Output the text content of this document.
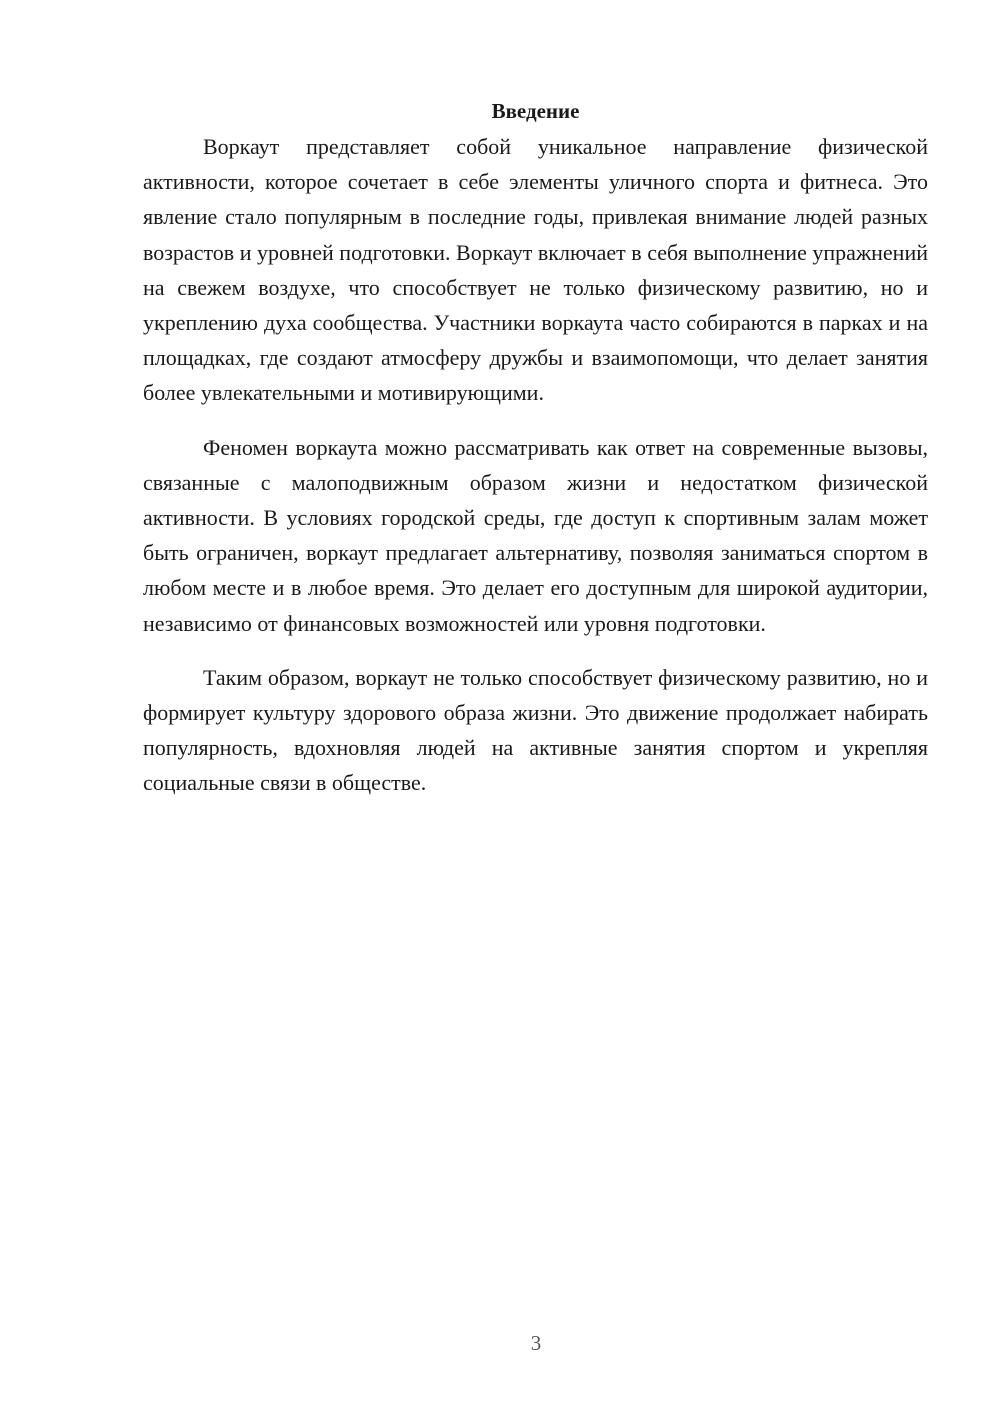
Введение

Воркаут представляет собой уникальное направление физической активности, которое сочетает в себе элементы уличного спорта и фитнеса. Это явление стало популярным в последние годы, привлекая внимание людей разных возрастов и уровней подготовки. Воркаут включает в себя выполнение упражнений на свежем воздухе, что способствует не только физическому развитию, но и укреплению духа сообщества. Участники воркаута часто собираются в парках и на площадках, где создают атмосферу дружбы и взаимопомощи, что делает занятия более увлекательными и мотивирующими.

Феномен воркаута можно рассматривать как ответ на современные вызовы, связанные с малоподвижным образом жизни и недостатком физической активности. В условиях городской среды, где доступ к спортивным залам может быть ограничен, воркаут предлагает альтернативу, позволяя заниматься спортом в любом месте и в любое время. Это делает его доступным для широкой аудитории, независимо от финансовых возможностей или уровня подготовки.

Таким образом, воркаут не только способствует физическому развитию, но и формирует культуру здорового образа жизни. Это движение продолжает набирать популярность, вдохновляя людей на активные занятия спортом и укрепляя социальные связи в обществе.

3
